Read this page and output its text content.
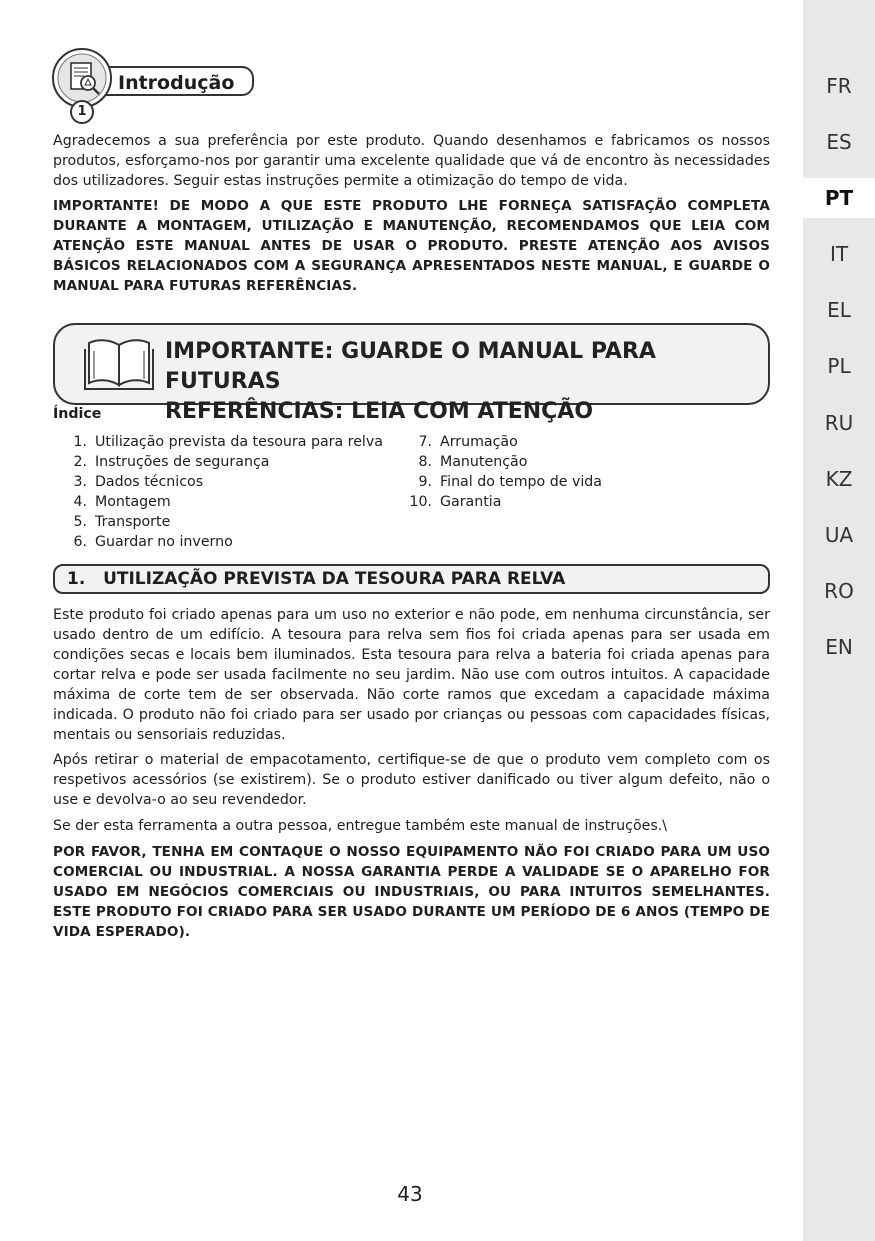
FR
ES
PT
IT
EL
PL
RU
KZ
UA
RO
EN
Introdução
1

Agradecemos a sua preferência por este produto. Quando desenhamos e fabricamos os nossos produtos, esforçamo-nos por garantir uma excelente qualidade que vá de encontro às necessidades dos utilizadores. Seguir estas instruções permite a otimização do tempo de vida.

IMPORTANTE! DE MODO A QUE ESTE PRODUTO LHE FORNEÇA SATISFAÇÃO COMPLETA DURANTE A MONTAGEM, UTILIZAÇÃO E MANUTENÇÃO, RECOMENDAMOS QUE LEIA COM ATENÇÃO ESTE MANUAL ANTES DE USAR O PRODUTO. PRESTE ATENÇÃO AOS AVISOS BÁSICOS RELACIONADOS COM A SEGURANÇA APRESENTADOS NESTE MANUAL, E GUARDE O MANUAL PARA FUTURAS REFERÊNCIAS.

IMPORTANTE: GUARDE O MANUAL PARA FUTURAS
REFERÊNCIAS: LEIA COM ATENÇÃO
Índice
1. Utilização prevista da tesoura para relva
2. Instruções de segurança
3. Dados técnicos
4. Montagem
5. Transporte
6. Guardar no inverno
7. Arrumação
8. Manutenção
9. Final do tempo de vida
10. Garantia
1. UTILIZAÇÃO PREVISTA DA TESOURA PARA RELVA

Este produto foi criado apenas para um uso no exterior e não pode, em nenhuma circunstância, ser usado dentro de um edifício. A tesoura para relva sem fios foi criada apenas para ser usada em condições secas e locais bem iluminados. Esta tesoura para relva a bateria foi criada apenas para cortar relva e pode ser usada facilmente no seu jardim. Não use com outros intuitos. A capacidade máxima de corte tem de ser observada. Não corte ramos que excedam a capacidade máxima indicada. O produto não foi criado para ser usado por crianças ou pessoas com capacidades físicas, mentais ou sensoriais reduzidas.

Após retirar o material de empacotamento, certifique-se de que o produto vem completo com os respetivos acessórios (se existirem). Se o produto estiver danificado ou tiver algum defeito, não o use e devolva-o ao seu revendedor.

Se der esta ferramenta a outra pessoa, entregue também este manual de instruções.\

POR FAVOR, TENHA EM CONTAQUE O NOSSO EQUIPAMENTO NÃO FOI CRIADO PARA UM USO COMERCIAL OU INDUSTRIAL. A NOSSA GARANTIA PERDE A VALIDADE SE O APARELHO FOR USADO EM NEGÓCIOS COMERCIAIS OU INDUSTRIAIS, OU PARA INTUITOS SEMELHANTES. ESTE PRODUTO FOI CRIADO PARA SER USADO DURANTE UM PERÍODO DE 6 ANOS (TEMPO DE VIDA ESPERADO).

43
